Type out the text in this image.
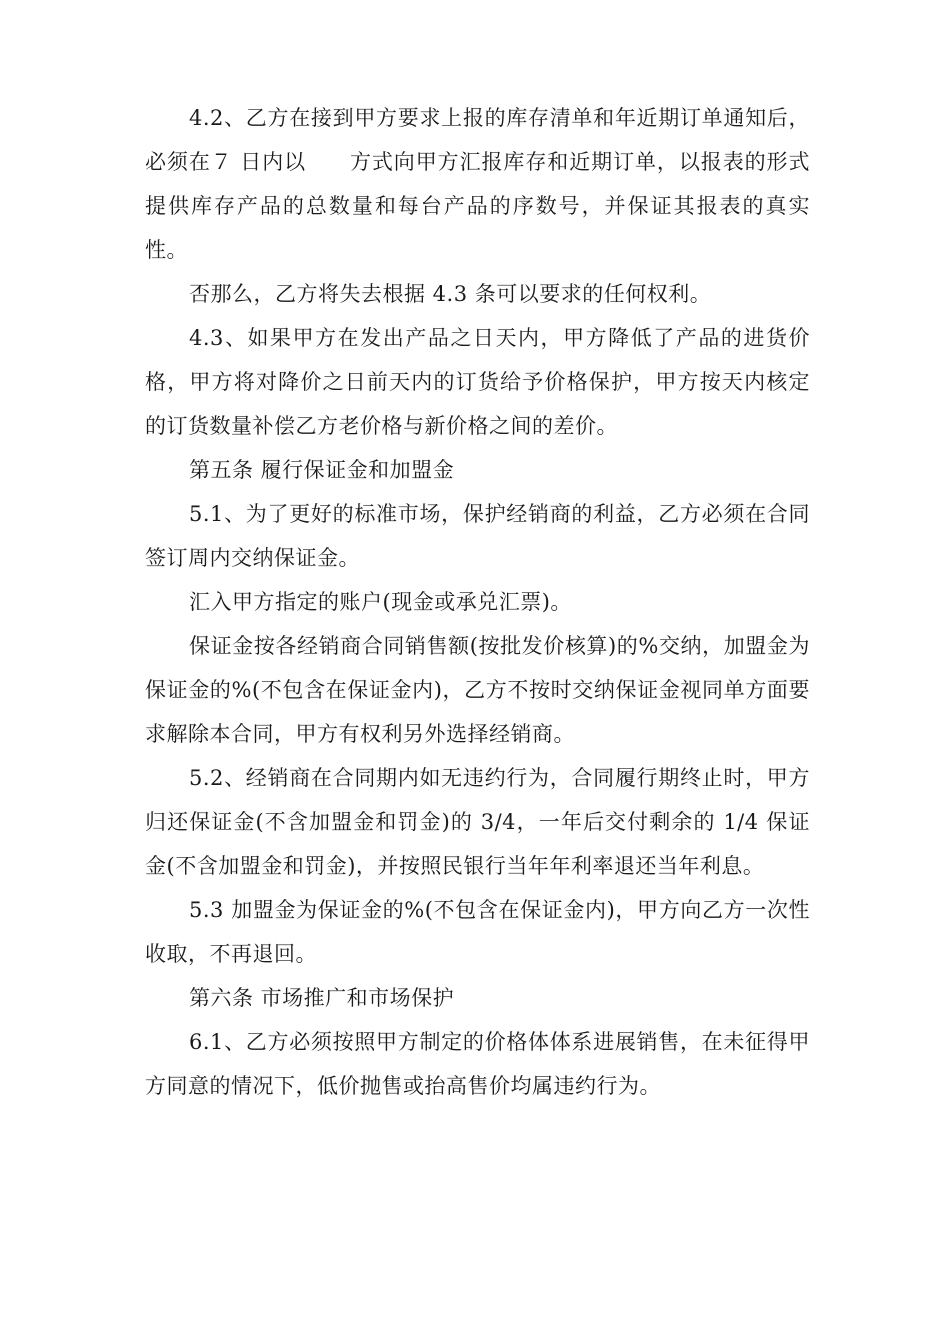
4.2、乙方在接到甲方要求上报的库存清单和年近期订单通知后，必须在７ 日内以　　方式向甲方汇报库存和近期订单，以报表的形式提供库存产品的总数量和每台产品的序数号，并保证其报表的真实性。

否那么，乙方将失去根据 4.3 条可以要求的任何权利。

4.3、如果甲方在发出产品之日天内，甲方降低了产品的进货价格，甲方将对降价之日前天内的订货给予价格保护，甲方按天内核定的订货数量补偿乙方老价格与新价格之间的差价。

第五条 履行保证金和加盟金

5.1、为了更好的标准市场，保护经销商的利益，乙方必须在合同签订周内交纳保证金。

汇入甲方指定的账户(现金或承兑汇票)。

保证金按各经销商合同销售额(按批发价核算)的%交纳，加盟金为保证金的%(不包含在保证金内)，乙方不按时交纳保证金视同单方面要求解除本合同，甲方有权利另外选择经销商。

5.2、经销商在合同期内如无违约行为，合同履行期终止时，甲方归还保证金(不含加盟金和罚金)的 3/4，一年后交付剩余的 1/4 保证金(不含加盟金和罚金)，并按照民银行当年年利率退还当年利息。

5.3 加盟金为保证金的%(不包含在保证金内)，甲方向乙方一次性收取，不再退回。

第六条 市场推广和市场保护

6.1、乙方必须按照甲方制定的价格体体系进展销售，在未征得甲方同意的情况下，低价抛售或抬高售价均属违约行为。
